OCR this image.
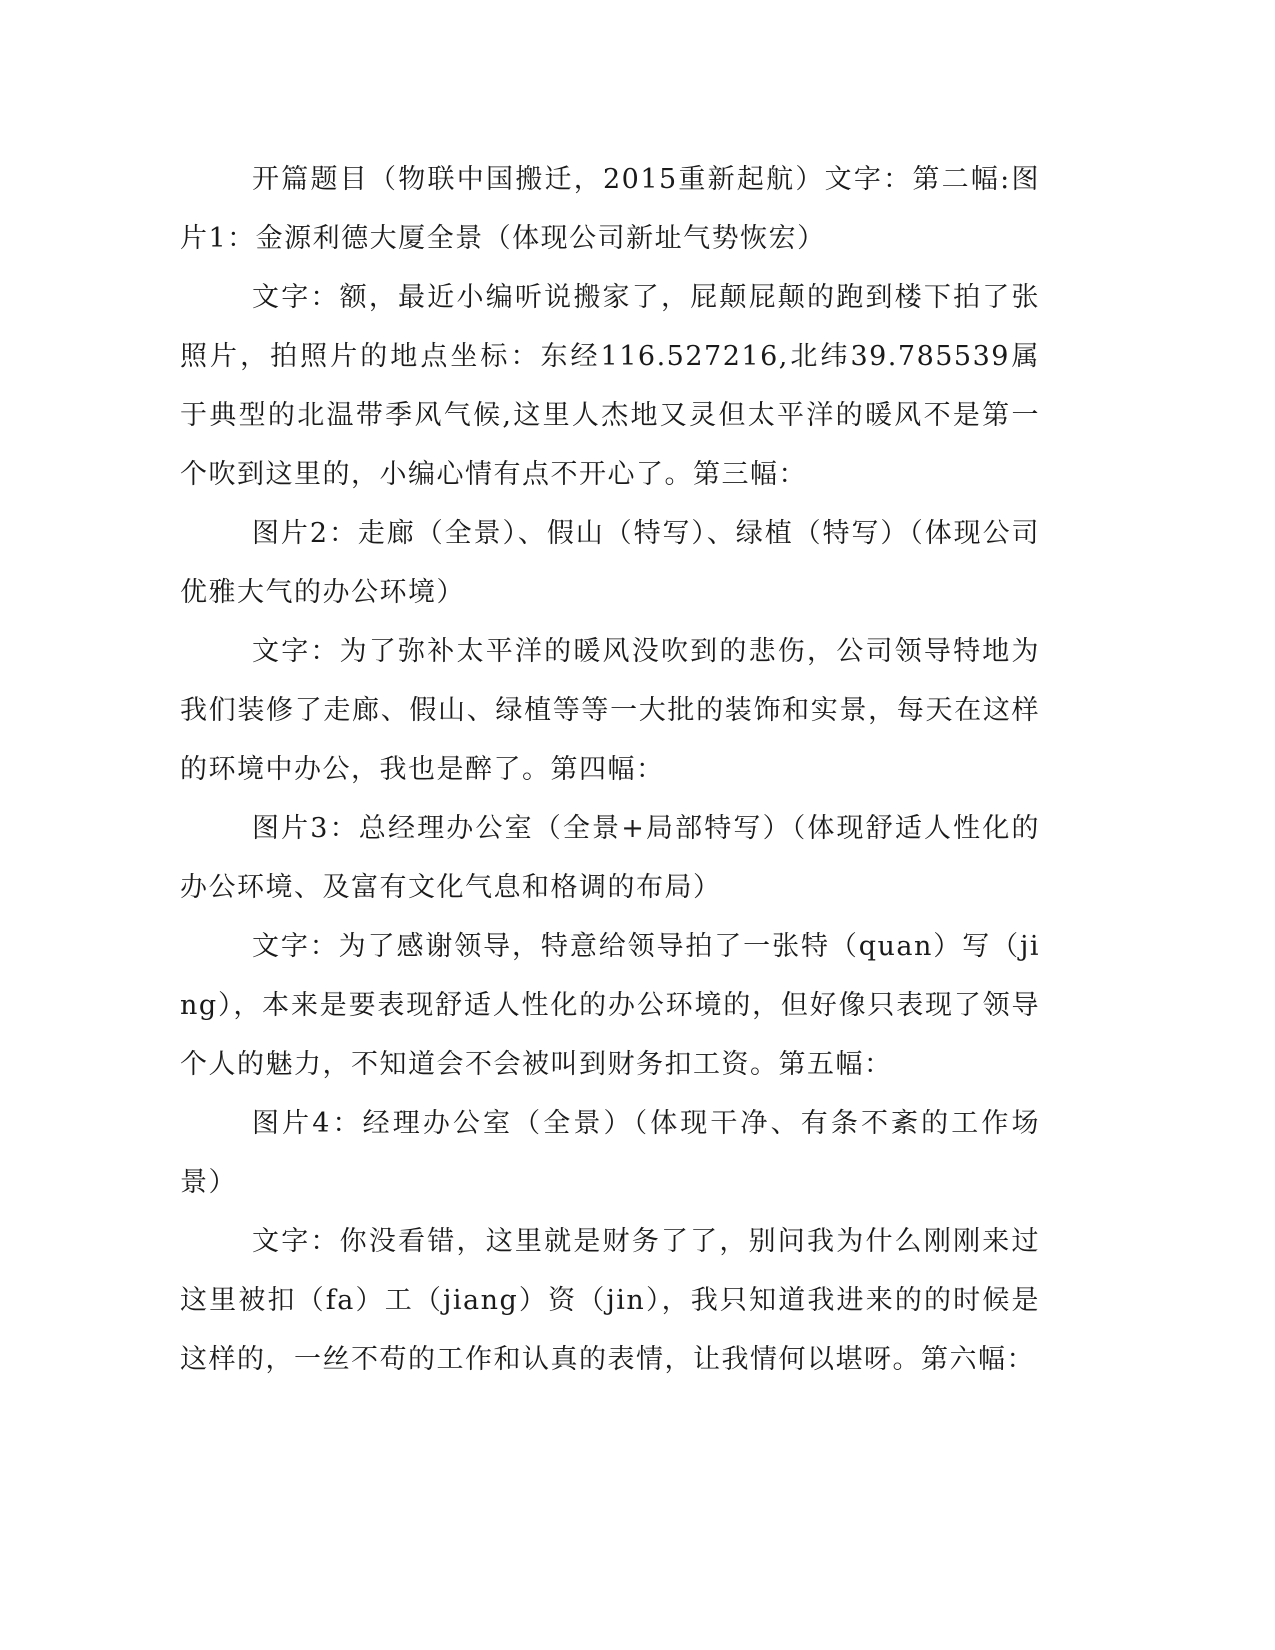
开篇题目（物联中国搬迁，2015重新起航）文字：第二幅:图片1：金源利德大厦全景（体现公司新址气势恢宏）

文字：额，最近小编听说搬家了，屁颠屁颠的跑到楼下拍了张照片，拍照片的地点坐标：东经116.527216,北纬39.785539属于典型的北温带季风气候,这里人杰地又灵但太平洋的暖风不是第一个吹到这里的，小编心情有点不开心了。第三幅：

图片2：走廊（全景）、假山（特写）、绿植（特写）（体现公司优雅大气的办公环境）

文字：为了弥补太平洋的暖风没吹到的悲伤，公司领导特地为我们装修了走廊、假山、绿植等等一大批的装饰和实景，每天在这样的环境中办公，我也是醉了。第四幅：

图片3：总经理办公室（全景+局部特写）（体现舒适人性化的办公环境、及富有文化气息和格调的布局）

文字：为了感谢领导，特意给领导拍了一张特（quan）写（jing），本来是要表现舒适人性化的办公环境的，但好像只表现了领导个人的魅力，不知道会不会被叫到财务扣工资。第五幅：

图片4：经理办公室（全景）（体现干净、有条不紊的工作场景）

文字：你没看错，这里就是财务了了，别问我为什么刚刚来过这里被扣（fa）工（jiang）资（jin），我只知道我进来的的时候是这样的，一丝不苟的工作和认真的表情，让我情何以堪呀。第六幅：
